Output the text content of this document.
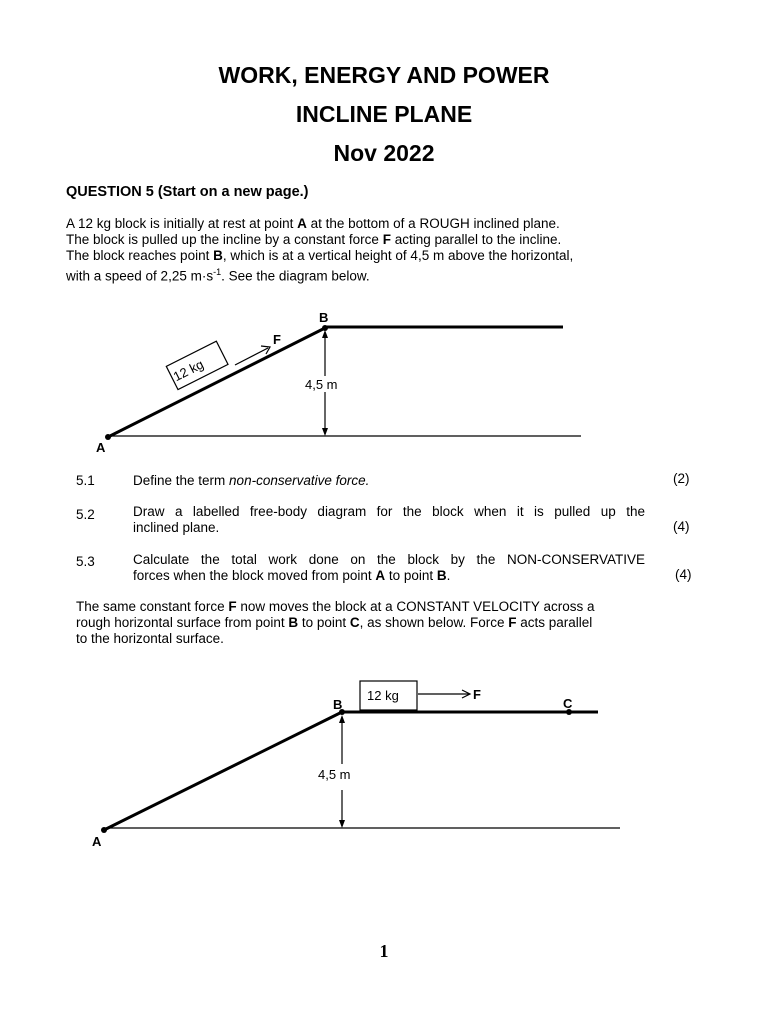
WORK, ENERGY AND POWER
INCLINE PLANE
Nov 2022
QUESTION 5 (Start on a new page.)
A 12 kg block is initially at rest at point A at the bottom of a ROUGH inclined plane.
The block is pulled up the incline by a constant force F acting parallel to the incline.
The block reaches point B, which is at a vertical height of 4,5 m above the horizontal,
with a speed of 2,25 $m\cdot s^{-1}$. See the diagram below.
4,5 m
12 kg
F
A
B
5.1	Define the term non-conservative force.	(2)
5.2	Draw a labelled free-body diagram for the block when it is pulled up the
inclined plane.	(4)
5.3	Calculate the total work done on the block by the NON-CONSERVATIVE
forces when the block moved from point A to point B.	(4)
The same constant force F now moves the block at a CONSTANT VELOCITY across a
rough horizontal surface from point B to point C, as shown below. Force F acts parallel
to the horizontal surface.
4,5 m
12 kg	F
A
B	C
1
